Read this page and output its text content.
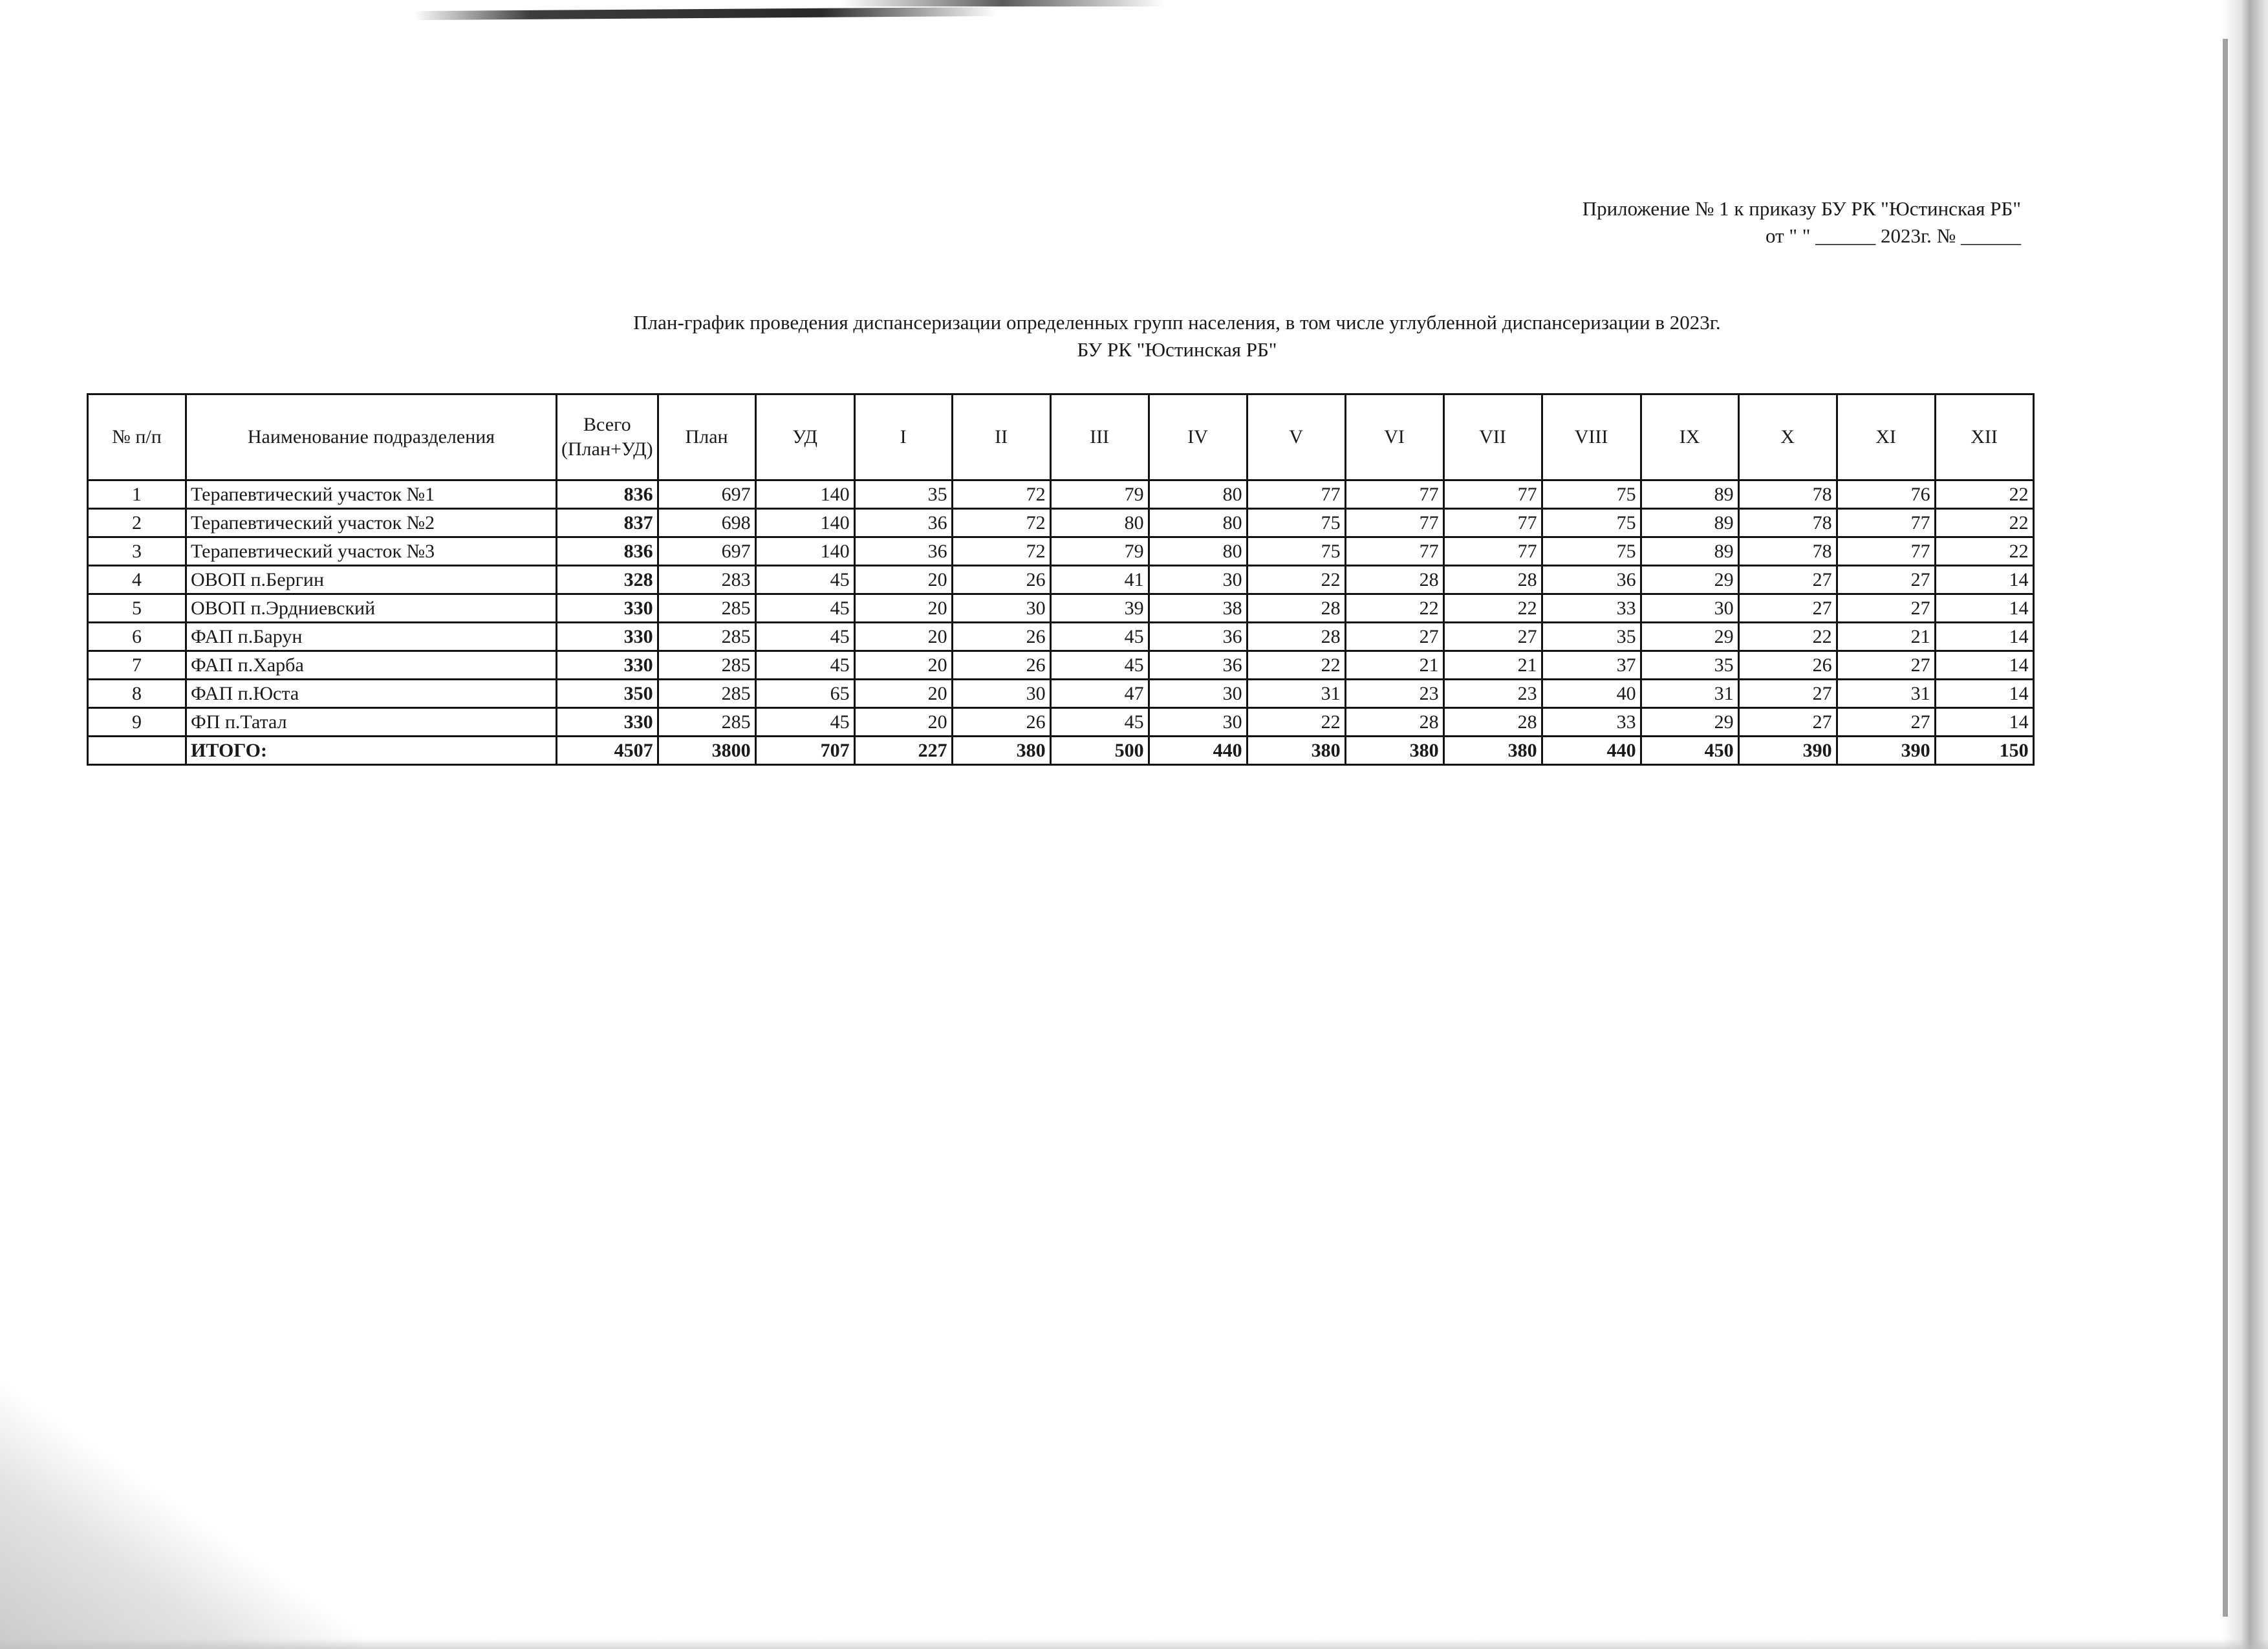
Приложение № 1 к приказу БУ РК "Юстинская РБ"
от " " ______ 2023г. № ______
План-график проведения диспансеризации определенных групп населения, в том числе углубленной диспансеризации в 2023г.
БУ РК "Юстинская РБ"
№ п/п	Наименование подразделения	Всего (План+УД)	План	УД	I	II	III	IV	V	VI	VII	VIII	IX	X	XI	XII
1	Терапевтический участок №1	836	697	140	35	72	79	80	77	77	77	75	89	78	76	22
2	Терапевтический участок №2	837	698	140	36	72	80	80	75	77	77	75	89	78	77	22
3	Терапевтический участок №3	836	697	140	36	72	79	80	75	77	77	75	89	78	77	22
4	ОВОП п.Бергин	328	283	45	20	26	41	30	22	28	28	36	29	27	27	14
5	ОВОП п.Эрдниевский	330	285	45	20	30	39	38	28	22	22	33	30	27	27	14
6	ФАП п.Барун	330	285	45	20	26	45	36	28	27	27	35	29	22	21	14
7	ФАП п.Харба	330	285	45	20	26	45	36	22	21	21	37	35	26	27	14
8	ФАП п.Юста	350	285	65	20	30	47	30	31	23	23	40	31	27	31	14
9	ФП п.Татал	330	285	45	20	26	45	30	22	28	28	33	29	27	27	14
	ИТОГО:	4507	3800	707	227	380	500	440	380	380	380	440	450	390	390	150
